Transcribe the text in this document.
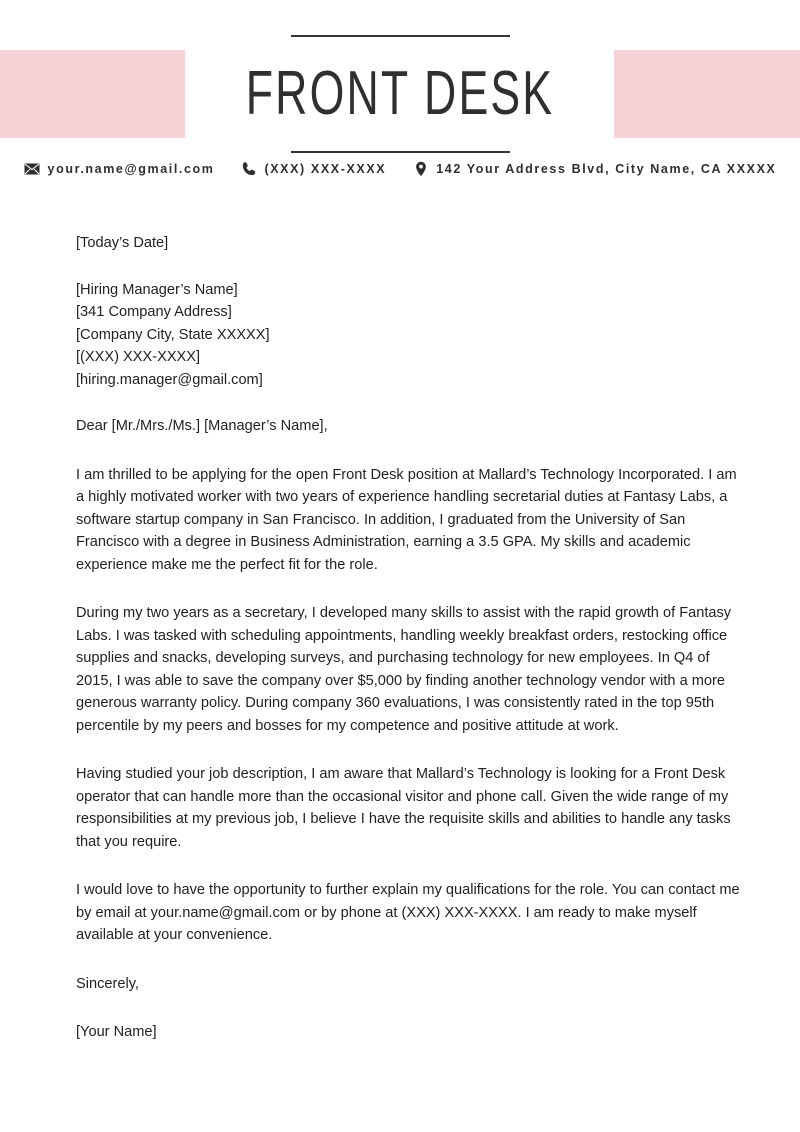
FRONT DESK
your.name@gmail.com	(XXX) XXX-XXXX	142 Your Address Blvd, City Name, CA XXXXX

[Today’s Date]

[Hiring Manager’s Name]
[341 Company Address]
[Company City, State XXXXX]
[(XXX) XXX-XXXX]
[hiring.manager@gmail.com]

Dear [Mr./Mrs./Ms.] [Manager’s Name],

I am thrilled to be applying for the open Front Desk position at Mallard’s Technology Incorporated. I am a highly motivated worker with two years of experience handling secretarial duties at Fantasy Labs, a software startup company in San Francisco. In addition, I graduated from the University of San Francisco with a degree in Business Administration, earning a 3.5 GPA. My skills and academic experience make me the perfect fit for the role.

During my two years as a secretary, I developed many skills to assist with the rapid growth of Fantasy Labs. I was tasked with scheduling appointments, handling weekly breakfast orders, restocking office supplies and snacks, developing surveys, and purchasing technology for new employees. In Q4 of 2015, I was able to save the company over $5,000 by finding another technology vendor with a more generous warranty policy. During company 360 evaluations, I was consistently rated in the top 95th percentile by my peers and bosses for my competence and positive attitude at work.

Having studied your job description, I am aware that Mallard’s Technology is looking for a Front Desk operator that can handle more than the occasional visitor and phone call. Given the wide range of my responsibilities at my previous job, I believe I have the requisite skills and abilities to handle any tasks that you require.

I would love to have the opportunity to further explain my qualifications for the role. You can contact me by email at your.name@gmail.com or by phone at (XXX) XXX-XXXX. I am ready to make myself available at your convenience.

Sincerely,

[Your Name]
